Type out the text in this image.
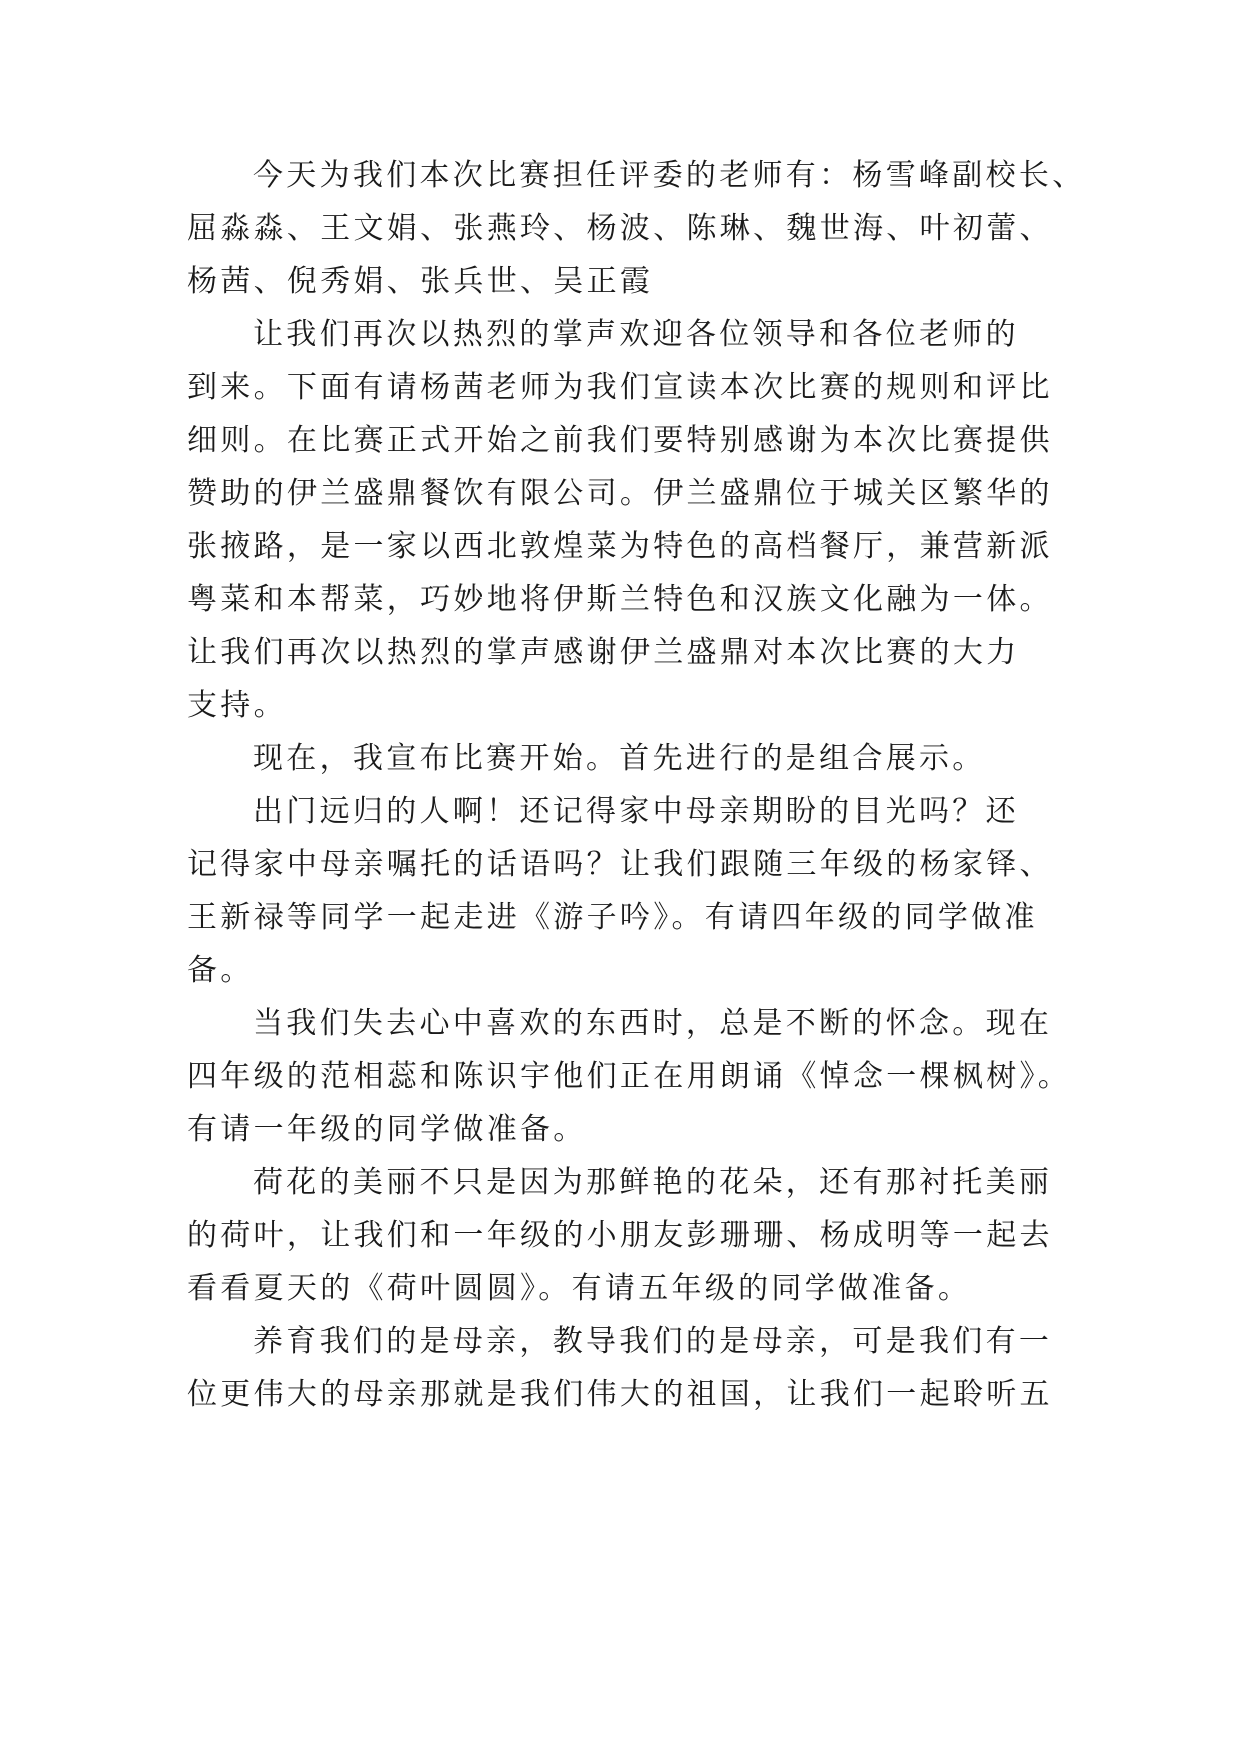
今天为我们本次比赛担任评委的老师有：杨雪峰副校长、
屈淼淼、王文娟、张燕玲、杨波、陈琳、魏世海、叶初蕾、
杨茜、倪秀娟、张兵世、吴正霞
让我们再次以热烈的掌声欢迎各位领导和各位老师的
到来。下面有请杨茜老师为我们宣读本次比赛的规则和评比
细则。在比赛正式开始之前我们要特别感谢为本次比赛提供
赞助的伊兰盛鼎餐饮有限公司。伊兰盛鼎位于城关区繁华的
张掖路，是一家以西北敦煌菜为特色的高档餐厅，兼营新派
粤菜和本帮菜，巧妙地将伊斯兰特色和汉族文化融为一体。
让我们再次以热烈的掌声感谢伊兰盛鼎对本次比赛的大力
支持。
现在，我宣布比赛开始。首先进行的是组合展示。
出门远归的人啊！还记得家中母亲期盼的目光吗？还
记得家中母亲嘱托的话语吗？让我们跟随三年级的杨家铎、
王新禄等同学一起走进《游子吟》。有请四年级的同学做准
备。
当我们失去心中喜欢的东西时，总是不断的怀念。现在
四年级的范相蕊和陈识宇他们正在用朗诵《悼念一棵枫树》。
有请一年级的同学做准备。
荷花的美丽不只是因为那鲜艳的花朵，还有那衬托美丽
的荷叶，让我们和一年级的小朋友彭珊珊、杨成明等一起去
看看夏天的《荷叶圆圆》。有请五年级的同学做准备。
养育我们的是母亲，教导我们的是母亲，可是我们有一
位更伟大的母亲那就是我们伟大的祖国，让我们一起聆听五
